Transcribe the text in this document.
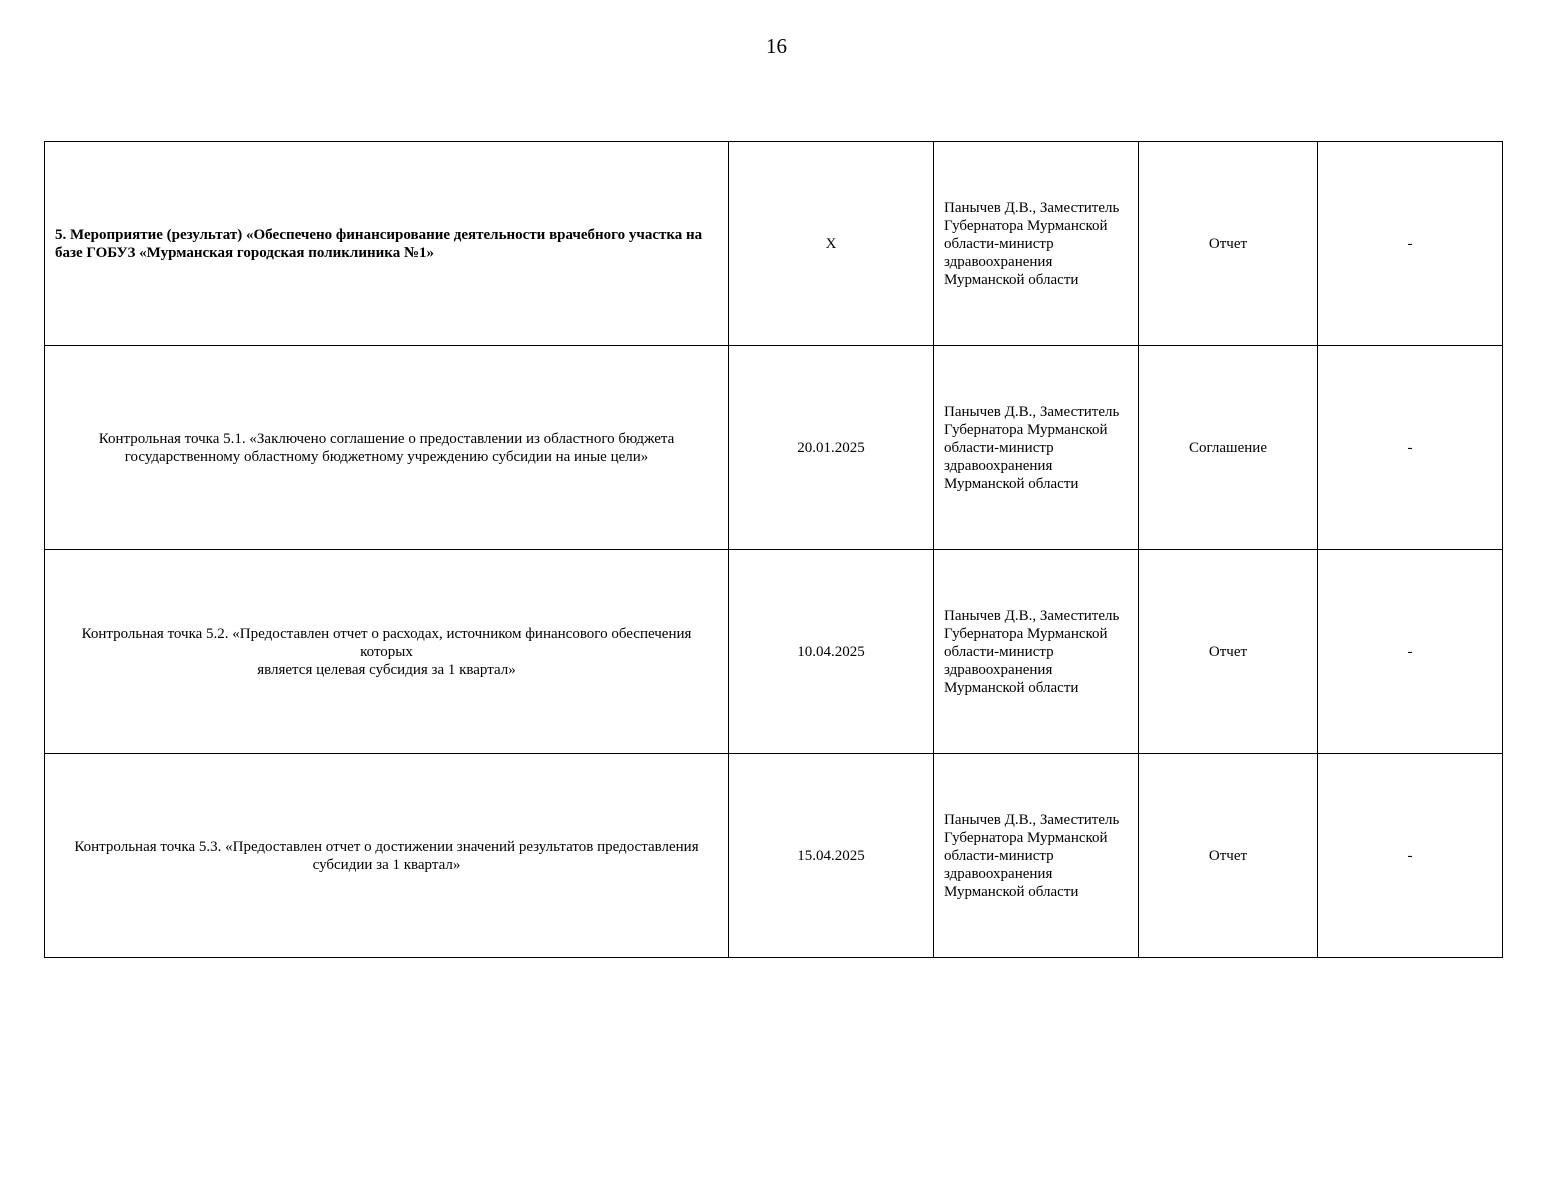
16
5. Мероприятие (результат) «Обеспечено финансирование деятельности врачебного участка на базе ГОБУЗ «Мурманская городская поликлиника №1»	X	Панычев Д.В., Заместитель Губернатора Мурманской области-министр здравоохранения Мурманской области	Отчет	-
Контрольная точка 5.1. «Заключено соглашение о предоставлении из областного бюджета государственному областному бюджетному учреждению субсидии на иные цели»	20.01.2025	Панычев Д.В., Заместитель Губернатора Мурманской области-министр здравоохранения Мурманской области	Соглашение	-
Контрольная точка 5.2. «Предоставлен отчет о расходах, источником финансового обеспечения которых
является целевая субсидия за 1 квартал»	10.04.2025	Панычев Д.В., Заместитель Губернатора Мурманской области-министр здравоохранения Мурманской области	Отчет	-
Контрольная точка 5.3. «Предоставлен отчет о достижении значений результатов предоставления субсидии за 1 квартал»	15.04.2025	Панычев Д.В., Заместитель Губернатора Мурманской области-министр здравоохранения Мурманской области	Отчет	-
